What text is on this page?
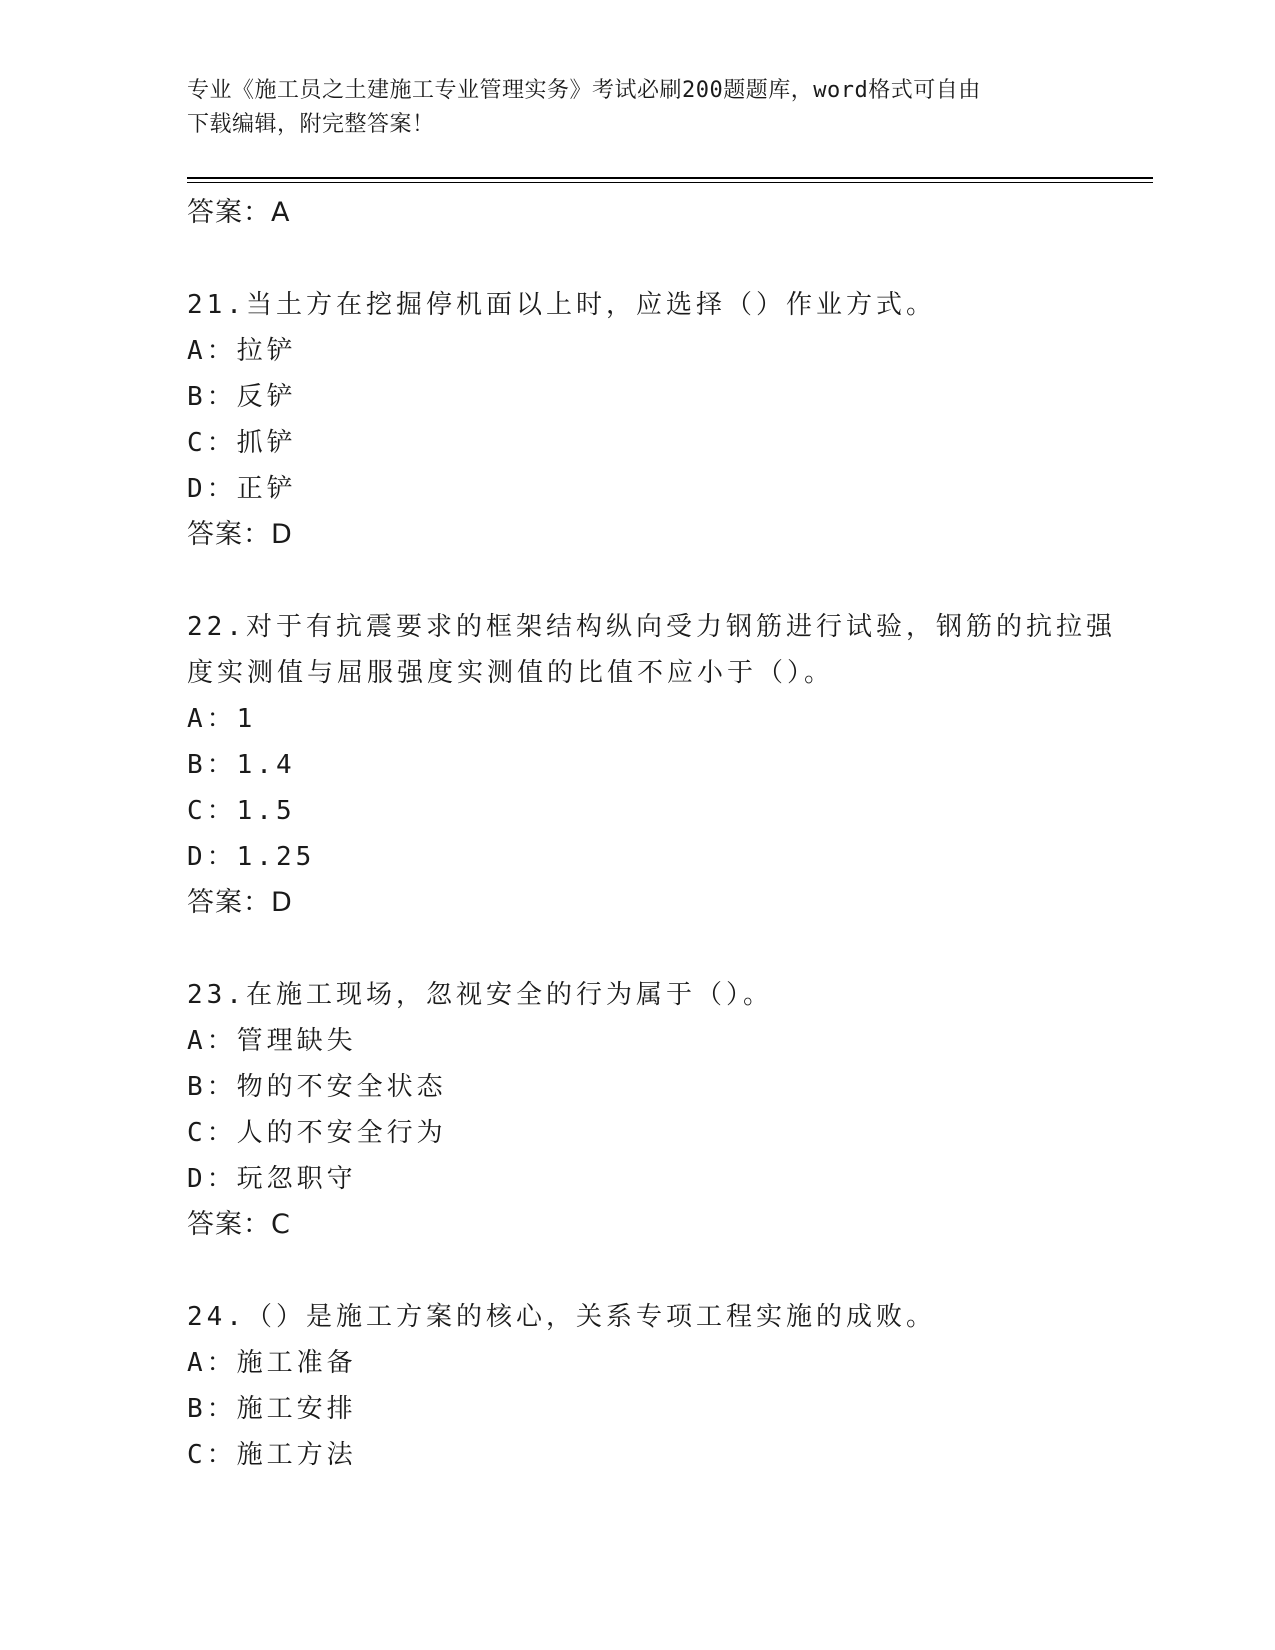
专业《施工员之土建施工专业管理实务》考试必刷200题题库，word格式可自由
下载编辑，附完整答案！
答案：A
21.当土方在挖掘停机面以上时，应选择（）作业方式。
A：拉铲
B：反铲
C：抓铲
D：正铲
答案：D
22.对于有抗震要求的框架结构纵向受力钢筋进行试验，钢筋的抗拉强
度实测值与屈服强度实测值的比值不应小于（）。
A：1
B：1.4
C：1.5
D：1.25
答案：D
23.在施工现场，忽视安全的行为属于（）。
A：管理缺失
B：物的不安全状态
C：人的不安全行为
D：玩忽职守
答案：C
24.（）是施工方案的核心，关系专项工程实施的成败。
A：施工准备
B：施工安排
C：施工方法
